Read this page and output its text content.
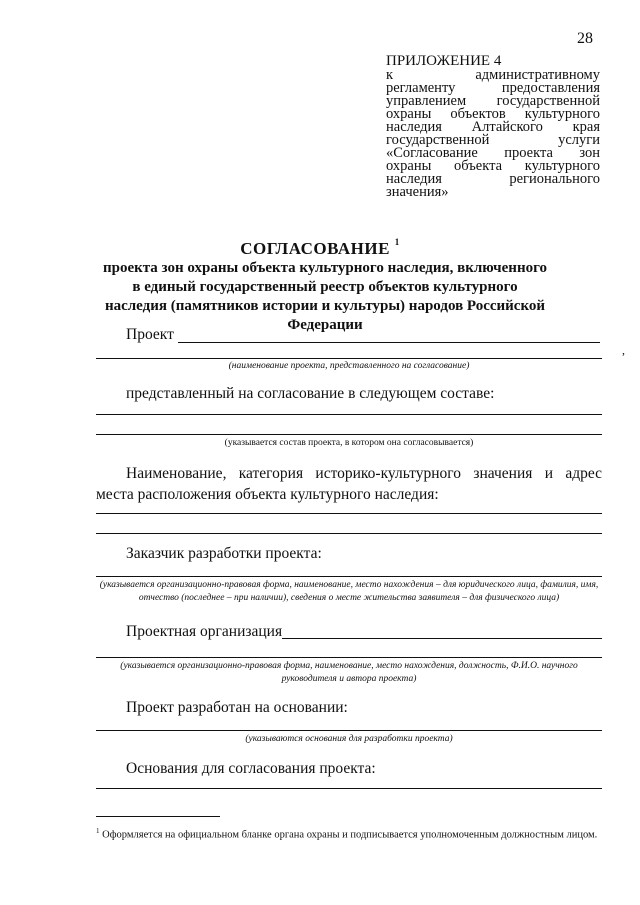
28
ПРИЛОЖЕНИЕ 4
к административному
регламенту предоставления
управлением государственной
охраны объектов культурного
наследия Алтайского края
государственной услуги
«Согласование проекта зон
охраны объекта культурного
наследия регионального
значения»
СОГЛАСОВАНИЕ $^1$
проекта зон охраны объекта культурного наследия, включенного в единый государственный реестр объектов культурного наследия (памятников истории и культуры) народов Российской Федерации
Проект
(наименование проекта, представленного на согласование)
представленный на согласование в следующем составе:
(указывается состав проекта, в котором она согласовывается)
Наименование, категория историко-культурного значения и адрес
места расположения объекта культурного наследия:
Заказчик разработки проекта:
(указывается организационно-правовая форма, наименование, место нахождения – для юридического лица, фамилия, имя, отчество (последнее – при наличии), сведения о месте жительства заявителя – для физического лица)
Проектная организация
(указывается организационно-правовая форма, наименование, место нахождения, должность, Ф.И.О. научного руководителя и автора проекта)
Проект разработан на основании:
(указываются основания для разработки проекта)
Основания для согласования проекта:
$^1$ Оформляется на официальном бланке органа охраны и подписывается уполномоченным должностным лицом.
,
